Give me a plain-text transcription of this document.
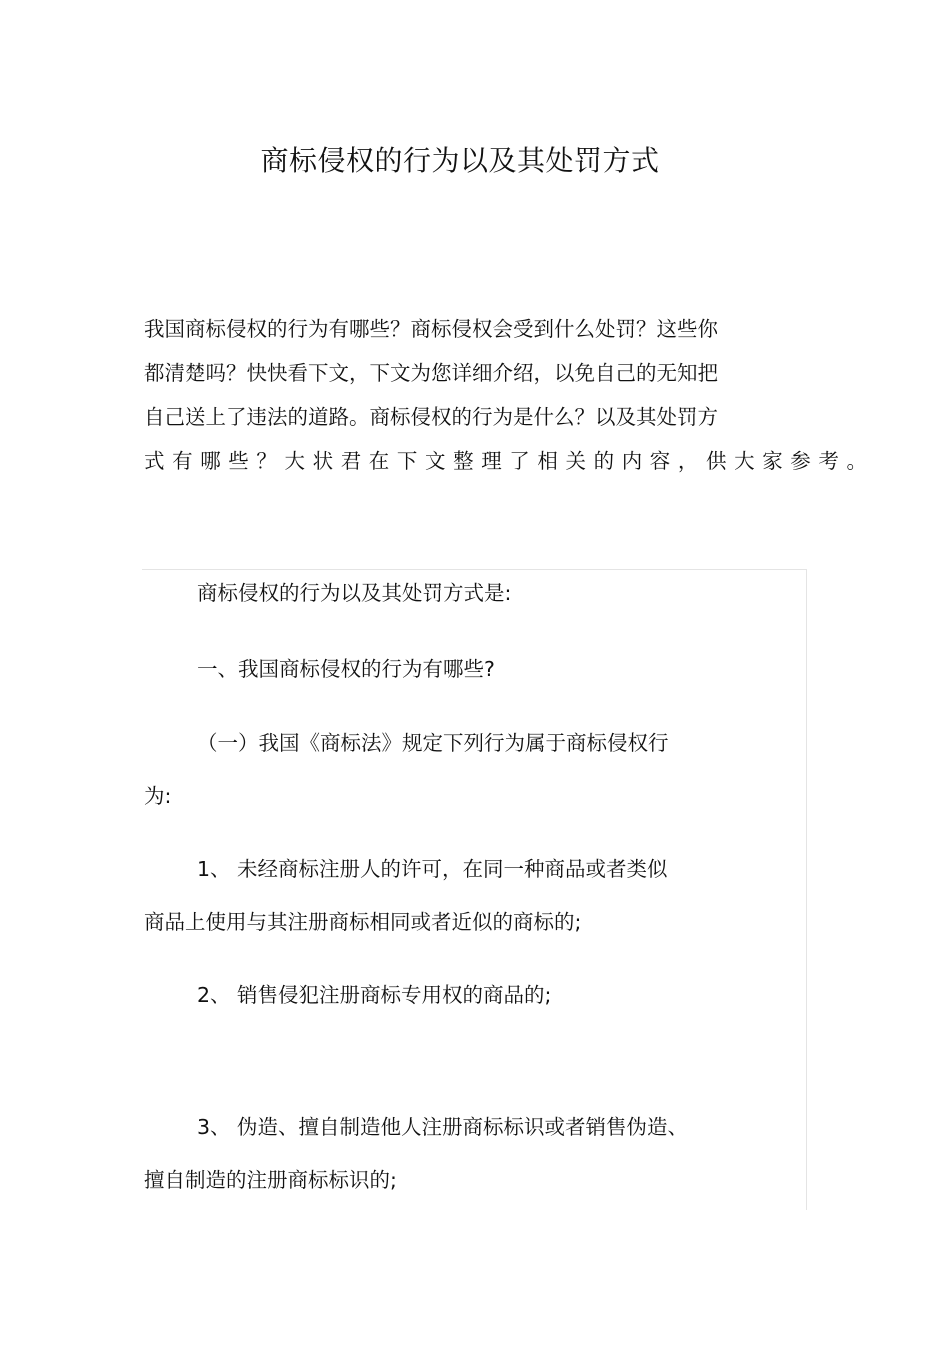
商标侵权的行为以及其处罚方式
我国商标侵权的行为有哪些？商标侵权会受到什么处罚？这些你
都清楚吗？快快看下文，下文为您详细介绍，以免自己的无知把
自己送上了违法的道路。商标侵权的行为是什么？以及其处罚方
式有哪些？大状君在下文整理了相关的内容，供大家参考。
商标侵权的行为以及其处罚方式是:
一、我国商标侵权的行为有哪些?
（一）我国《商标法》规定下列行为属于商标侵权行
为:
1、 未经商标注册人的许可，在同一种商品或者类似
商品上使用与其注册商标相同或者近似的商标的;
2、 销售侵犯注册商标专用权的商品的;
3、 伪造、擅自制造他人注册商标标识或者销售伪造、
擅自制造的注册商标标识的;
